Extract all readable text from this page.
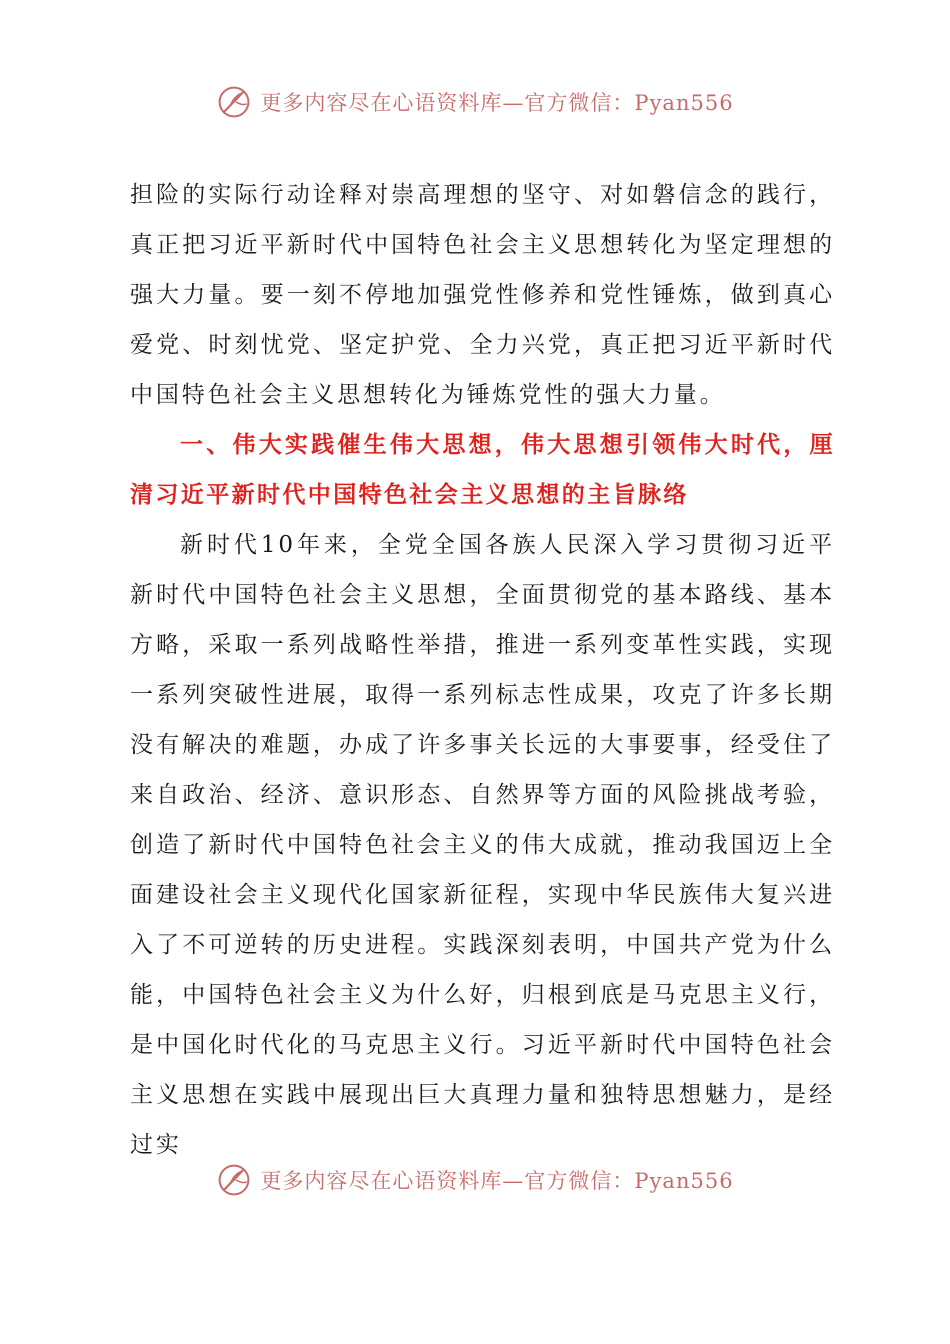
更多内容尽在心语资料库—官方微信：Pyan556

担险的实际行动诠释对崇高理想的坚守、对如磐信念的践行，真正把习近平新时代中国特色社会主义思想转化为坚定理想的强大力量。要一刻不停地加强党性修养和党性锤炼，做到真心爱党、时刻忧党、坚定护党、全力兴党，真正把习近平新时代中国特色社会主义思想转化为锤炼党性的强大力量。

一、伟大实践催生伟大思想，伟大思想引领伟大时代，厘清习近平新时代中国特色社会主义思想的主旨脉络

新时代10年来，全党全国各族人民深入学习贯彻习近平新时代中国特色社会主义思想，全面贯彻党的基本路线、基本方略，采取一系列战略性举措，推进一系列变革性实践，实现一系列突破性进展，取得一系列标志性成果，攻克了许多长期没有解决的难题，办成了许多事关长远的大事要事，经受住了来自政治、经济、意识形态、自然界等方面的风险挑战考验，创造了新时代中国特色社会主义的伟大成就，推动我国迈上全面建设社会主义现代化国家新征程，实现中华民族伟大复兴进入了不可逆转的历史进程。实践深刻表明，中国共产党为什么能，中国特色社会主义为什么好，归根到底是马克思主义行，是中国化时代化的马克思主义行。习近平新时代中国特色社会主义思想在实践中展现出巨大真理力量和独特思想魅力，是经过实

更多内容尽在心语资料库—官方微信：Pyan556
